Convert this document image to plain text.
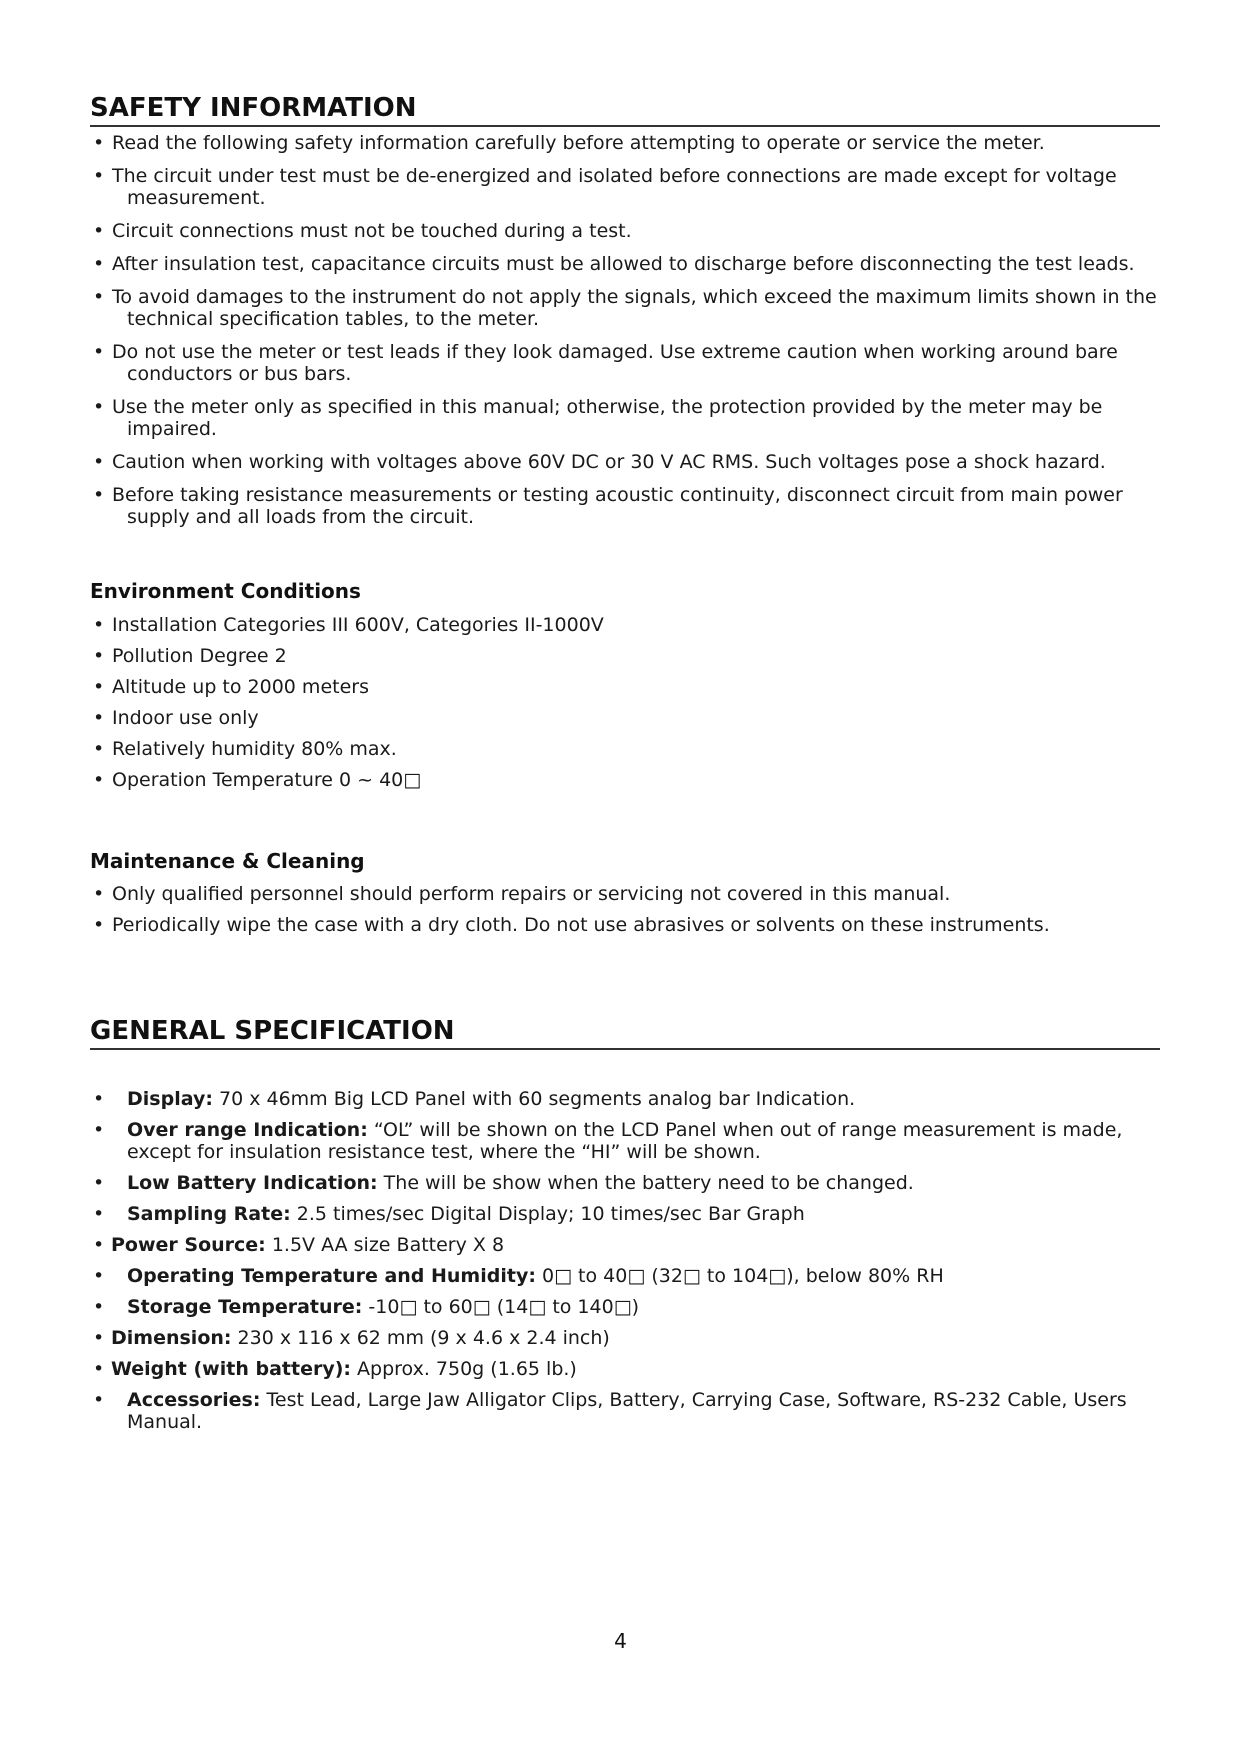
SAFETY INFORMATION
• Read the following safety information carefully before attempting to operate or service the meter.
• The circuit under test must be de-energized and isolated before connections are made except for voltage measurement.
• Circuit connections must not be touched during a test.
• After insulation test, capacitance circuits must be allowed to discharge before disconnecting the test leads.
• To avoid damages to the instrument do not apply the signals, which exceed the maximum limits shown in the technical specification tables, to the meter.
• Do not use the meter or test leads if they look damaged. Use extreme caution when working around bare conductors or bus bars.
• Use the meter only as specified in this manual; otherwise, the protection provided by the meter may be impaired.
• Caution when working with voltages above 60V DC or 30 V AC RMS. Such voltages pose a shock hazard.
• Before taking resistance measurements or testing acoustic continuity, disconnect circuit from main power supply and all loads from the circuit.
Environment Conditions
• Installation Categories III 600V, Categories II-1000V
• Pollution Degree 2
• Altitude up to 2000 meters
• Indoor use only
• Relatively humidity 80% max.
• Operation Temperature 0 ~ 40□
Maintenance & Cleaning
• Only qualified personnel should perform repairs or servicing not covered in this manual.
• Periodically wipe the case with a dry cloth. Do not use abrasives or solvents on these instruments.
GENERAL SPECIFICATION
• Display: 70 x 46mm Big LCD Panel with 60 segments analog bar Indication.
• Over range Indication: “OL” will be shown on the LCD Panel when out of range measurement is made, except for insulation resistance test, where the “HI” will be shown.
• Low Battery Indication: The will be show when the battery need to be changed.
• Sampling Rate: 2.5 times/sec Digital Display; 10 times/sec Bar Graph
• Power Source: 1.5V AA size Battery X 8
• Operating Temperature and Humidity: 0□ to 40□ (32□ to 104□), below 80% RH
• Storage Temperature: -10□ to 60□ (14□ to 140□)
• Dimension: 230 x 116 x 62 mm (9 x 4.6 x 2.4 inch)
• Weight (with battery): Approx. 750g (1.65 lb.)
• Accessories: Test Lead, Large Jaw Alligator Clips, Battery, Carrying Case, Software, RS-232 Cable, Users Manual.
4
